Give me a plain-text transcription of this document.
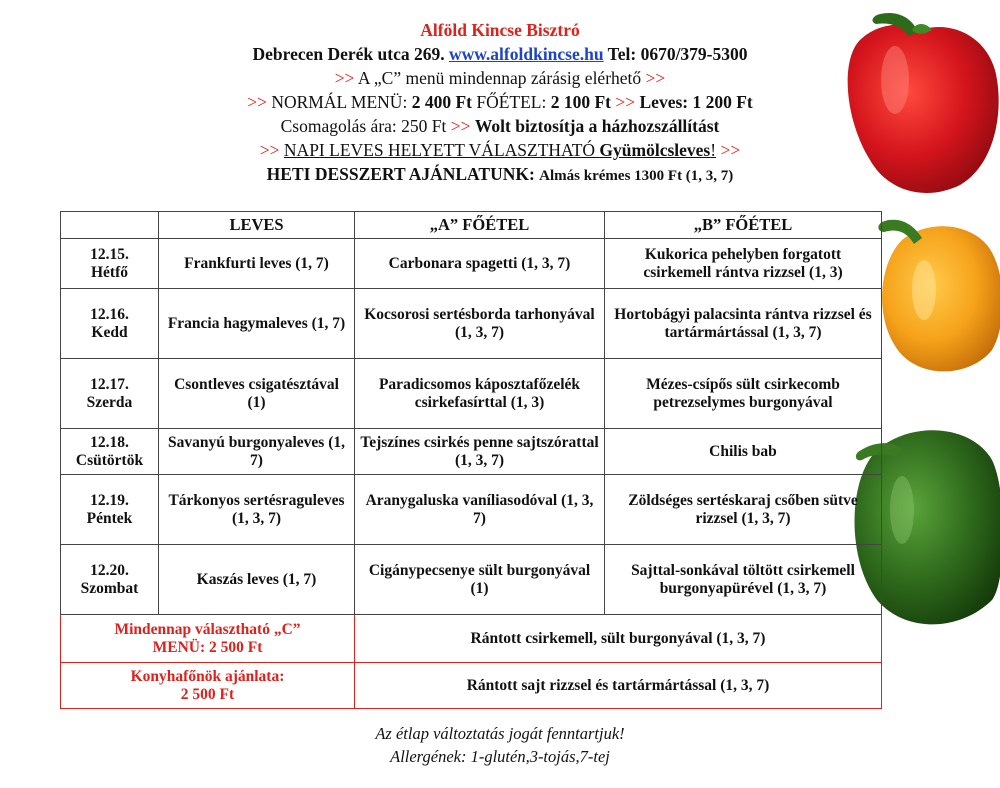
Alföld Kincse Bisztró
Debrecen Derék utca 269. www.alfoldkincse.hu Tel: 0670/379-5300
>> A „C” menü mindennap zárásig elérhető >>
>> NORMÁL MENÜ: 2 400 Ft FŐÉTEL: 2 100 Ft >> Leves: 1 200 Ft
Csomagolás ára: 250 Ft >> Wolt biztosítja a házhozszállítást
>> NAPI LEVES HELYETT VÁLASZTHATÓ Gyümölcsleves! >>
HETI DESSZERT AJÁNLATUNK: Almás krémes 1300 Ft (1, 3, 7)
	LEVES	„A” FŐÉTEL	„B” FŐÉTEL

12.15.
Hétfő	Frankfurti leves (1, 7)	Carbonara spagetti (1, 3, 7)	Kukorica pehelyben forgatott csirkemell rántva rizzsel (1, 3)

12.16.
Kedd	Francia hagymaleves (1, 7)	Kocsorosi sertésborda tarhonyával (1, 3, 7)	Hortobágyi palacsinta rántva rizzsel és tartármártással (1, 3, 7)

12.17.
Szerda	Csontleves csigatésztával (1)	Paradicsomos káposztafőzelék csirkefasírttal (1, 3)	Mézes-csípős sült csirkecomb petrezselymes burgonyával

12.18.
Csütörtök	Savanyú burgonyaleves (1, 7)	Tejszínes csirkés penne sajtszórattal (1, 3, 7)	Chilis bab

12.19.
Péntek	Tárkonyos sertésraguleves (1, 3, 7)	Aranygaluska vaníliasodóval (1, 3, 7)	Zöldséges sertéskaraj csőben sütve rizzsel (1, 3, 7)

12.20.
Szombat	Kaszás leves (1, 7)	Cigánypecsenye sült burgonyával (1)	Sajttal-sonkával töltött csirkemell burgonyapürével (1, 3, 7)

Mindennap választható „C”
MENÜ: 2 500 Ft		Rántott csirkemell, sült burgonyával (1, 3, 7)	

Konyhafőnök ajánlata:
2 500 Ft		Rántott sajt rizzsel és tartármártással (1, 3, 7)	
Az étlap változtatás jogát fenntartjuk!
Allergének: 1-glutén,3-tojás,7-tej
